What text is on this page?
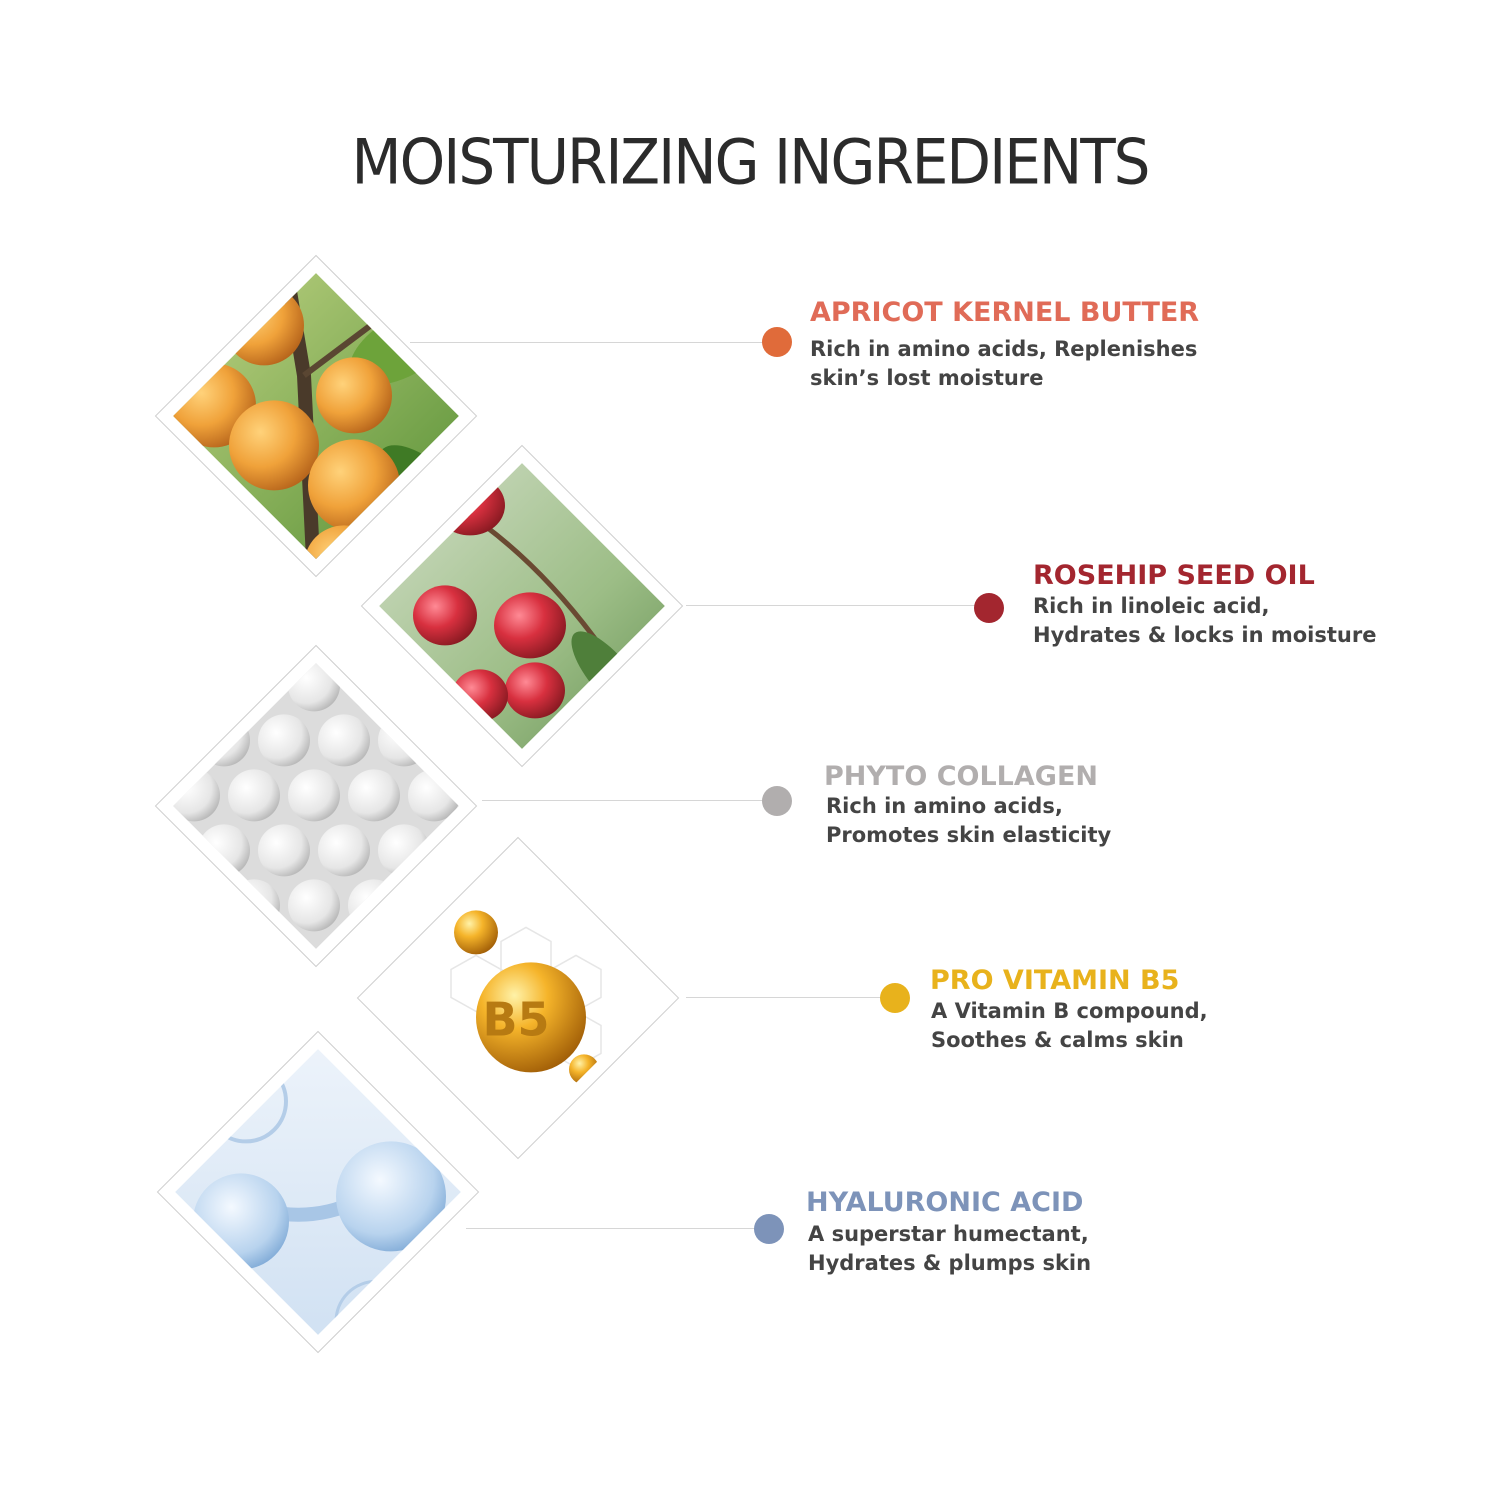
MOISTURIZING INGREDIENTS
B5
APRICOT KERNEL BUTTER
Rich in amino acids, Replenishes
skin’s lost moisture
ROSEHIP SEED OIL
Rich in linoleic acid,
Hydrates & locks in moisture
PHYTO COLLAGEN
Rich in amino acids,
Promotes skin elasticity
PRO VITAMIN B5
A Vitamin B compound,
Soothes & calms skin
HYALURONIC ACID
A superstar humectant,
Hydrates & plumps skin
